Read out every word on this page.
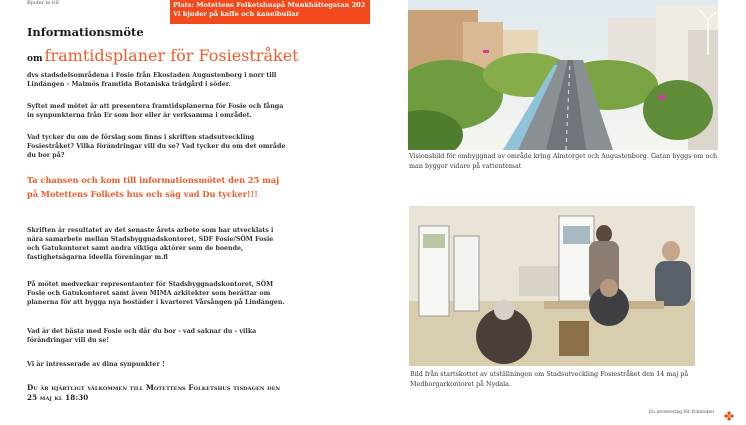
Bjuder in till	Plats: Motettens Folketshuspå Munkhättegatan 202
Vi bjuder på kaffe och kanelbullar
Informationsmöte
om framtidsplaner för Fosiestråket
dvs stadsdelsområdena i Fosie från Ekostaden Augustenborg i norr till Lindängen - Malmös framtida Botaniska trädgård i söder.
Syftet med mötet är att presentera framtidsplanerna för Fosie och fånga in synpunkterna från Er som bor eller är verksamma i området.
Vad tycker du om de förslag som finns i skriften stadsutveckling Fosiestråket? Vilka förändringar vill du se? Vad tycker du om det område du bor på?
Ta chansen och kom till informationsmötet den 25 maj på Motettens Folkets hus och säg vad Du tycker!!!
Skriften är resultatet av det senaste årets arbete som har utvecklats i nära samarbete mellan Stadsbyggnadskontoret, SDF Fosie/SÖM Fosie och Gatukontoret samt andra viktiga aktörer som de boende, fastighetsägarna ideella föreningar m.fl
På mötet medverkar representanter för Stadsbyggnadskontoret, SÖM Fosie och Gatukontoret samt även MIMA arkitekter som berättar om planerna för att bygga nya bostäder i kvarteret Vårsången på Lindängen.
Vad är det bästa med Fosie och där du bor - vad saknar du - vilka förändringar vill du se!
Vi är intresserade av dina synpunkter !
Du är hjärtligt välkommen till Motettens Folketshus tisdagen den 25 maj kl 18:30
Visionsbild för ombyggnad av område kring Almtorget och Augustenborg. Gatan byggs om och man bygger vidare på vattentemat
Bild från startskottet av utställningen om Stadsutveckling Fosiestråket den 14 maj på Medborgarkontoret på Nydala.
En investering för framtiden
